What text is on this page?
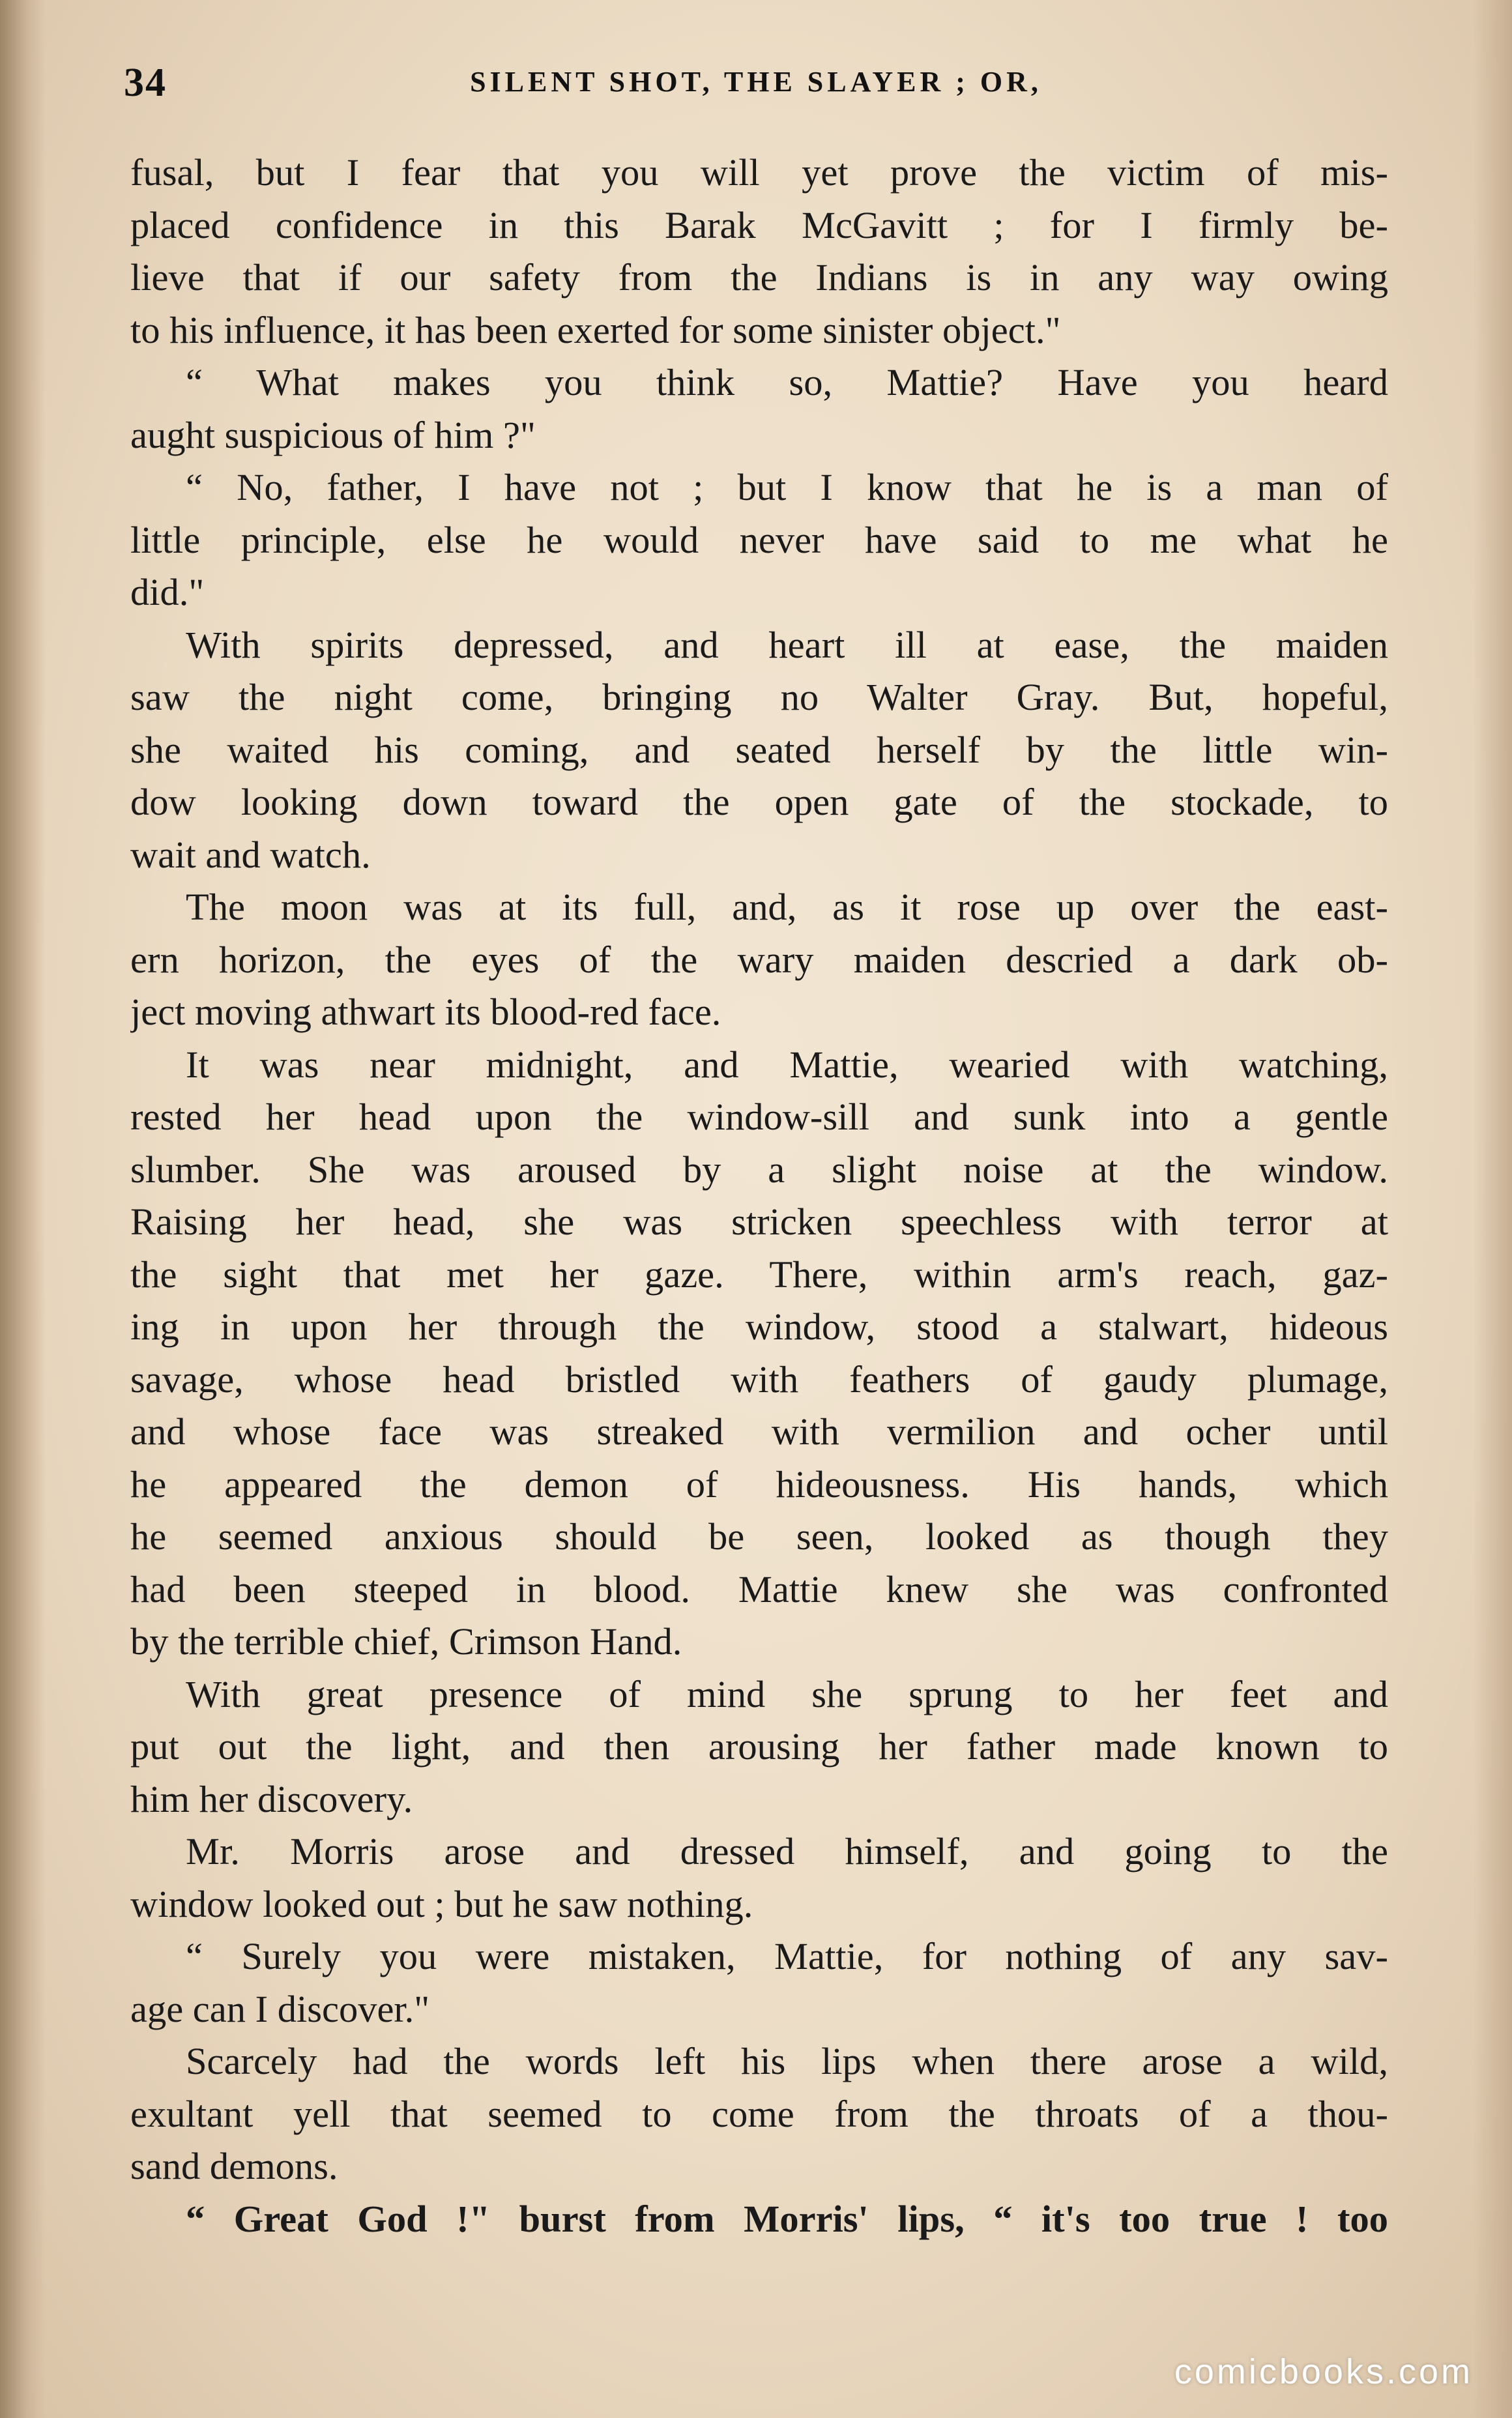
34	SILENT SHOT, THE SLAYER ; OR,
fusal, but I fear that you will yet prove the victim of mis-
placed confidence in this Barak McGavitt ; for I firmly be-
lieve that if our safety from the Indians is in any way owing
to his influence, it has been exerted for some sinister object."
“ What makes you think so, Mattie? Have you heard
aught suspicious of him ?"
“ No, father, I have not ; but I know that he is a man of
little principle, else he would never have said to me what he
did."
With spirits depressed, and heart ill at ease, the maiden
saw the night come, bringing no Walter Gray. But, hopeful,
she waited his coming, and seated herself by the little win-
dow looking down toward the open gate of the stockade, to
wait and watch.
The moon was at its full, and, as it rose up over the east-
ern horizon, the eyes of the wary maiden descried a dark ob-
ject moving athwart its blood-red face.
It was near midnight, and Mattie, wearied with watching,
rested her head upon the window-sill and sunk into a gentle
slumber. She was aroused by a slight noise at the window.
Raising her head, she was stricken speechless with terror at
the sight that met her gaze. There, within arm's reach, gaz-
ing in upon her through the window, stood a stalwart, hideous
savage, whose head bristled with feathers of gaudy plumage,
and whose face was streaked with vermilion and ocher until
he appeared the demon of hideousness. His hands, which
he seemed anxious should be seen, looked as though they
had been steeped in blood. Mattie knew she was confronted
by the terrible chief, Crimson Hand.
With great presence of mind she sprung to her feet and
put out the light, and then arousing her father made known to
him her discovery.
Mr. Morris arose and dressed himself, and going to the
window looked out ; but he saw nothing.
“ Surely you were mistaken, Mattie, for nothing of any sav-
age can I discover."
Scarcely had the words left his lips when there arose a wild,
exultant yell that seemed to come from the throats of a thou-
sand demons.
“ Great God !" burst from Morris' lips, “ it's too true ! too
comicbooks.com
